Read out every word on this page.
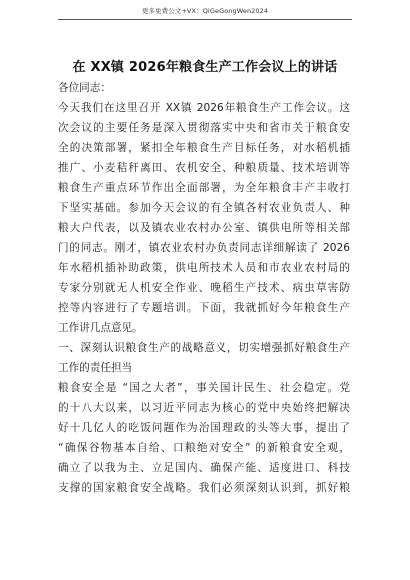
更多免费公文+VX：QiGeGongWen2024
在 XX镇 2026年粮食生产工作会议上的讲话
各位同志：
今天我们在这里召开 XX镇 2026年粮食生产工作会议。这
次会议的主要任务是深入贯彻落实中央和省市关于粮食安
全的决策部署，紧扣全年粮食生产目标任务，对水稻机插
推广、小麦秸秆离田、农机安全、种粮质量、技术培训等
粮食生产重点环节作出全面部署，为全年粮食丰产丰收打
下坚实基础。参加今天会议的有全镇各村农业负责人、种
粮大户代表，以及镇农业农村办公室、镇供电所等相关部
门的同志。刚才，镇农业农村办负责同志详细解读了 2026
年水稻机插补助政策，供电所技术人员和市农业农村局的
专家分别就无人机安全作业、晚稻生产技术、病虫草害防
控等内容进行了专题培训。下面，我就抓好今年粮食生产
工作讲几点意见。
一、深刻认识粮食生产的战略意义，切实增强抓好粮食生产
工作的责任担当
粮食安全是 “国之大者”，事关国计民生、社会稳定。党
的十八大以来，以习近平同志为核心的党中央始终把解决
好十几亿人的吃饭问题作为治国理政的头等大事，提出了
“确保谷物基本自给、口粮绝对安全” 的新粮食安全观，
确立了以我为主、立足国内、确保产能、适度进口、科技
支撑的国家粮食安全战略。我们必须深刻认识到，抓好粮
